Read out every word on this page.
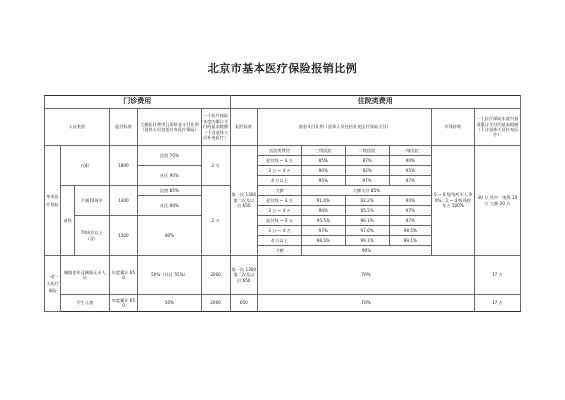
北京市基本医疗保险报销比例
门诊费用						住院类费用						
人员类别			起付标准	大额医疗费用互助资金支付比例（退休人员包括补充医疗保险）	一个医疗保险年度内累计支付的最高数额（不含退休人员补充医疗）	起付标准	基金支付比例（退休人员包括补充医疗保险支付）				军残补助	一个医疗保险年度内基金累计支付的最高数额（不含退休人员补充医疗）
单本医疗保险	在职		1800	医院 70%	2 万	第一次 1300 第二次及以后 650	医院类费用	三级医院	二级医院	一级医院	5 ~ 6 级残疾军人 90%；1 ~ 4 级残疾军人 100%	30 万 其中：统筹 10 万 大额 20 万
							起付线 ~ 3 万	85%	87%	90%		
				社区 90%			3 万 ~ 4 万	90%	92%	95%		
							4 万以上	95%	97%	97%		
	退休	不满70周岁	1300	医院 85%	2 万		大额	大额支付 85%				
				社区 90%			起付线 ~ 3 万	91.0%	92.2%	94%		
							3 万 ~ 4 万	94%	95.2%	97%		
		70周岁以上（含）	1300	90%			起付线 ~ 3 万	95.5%	96.1%	97%		
							3 万 ~ 4 万	97%	97.6%	98.5%		
							4 万以上	98.5%	99.1%	99.1%		
							大额	90%				
一老一小医疗保险	城镇老年及城镇无业人员		年度累计 650	50%（社区 55%）	2000	第一次 1300 第二次及以后 650	70%					17 万
	学生儿童		年度累计 650	50%	2000	650	70%					17 万
